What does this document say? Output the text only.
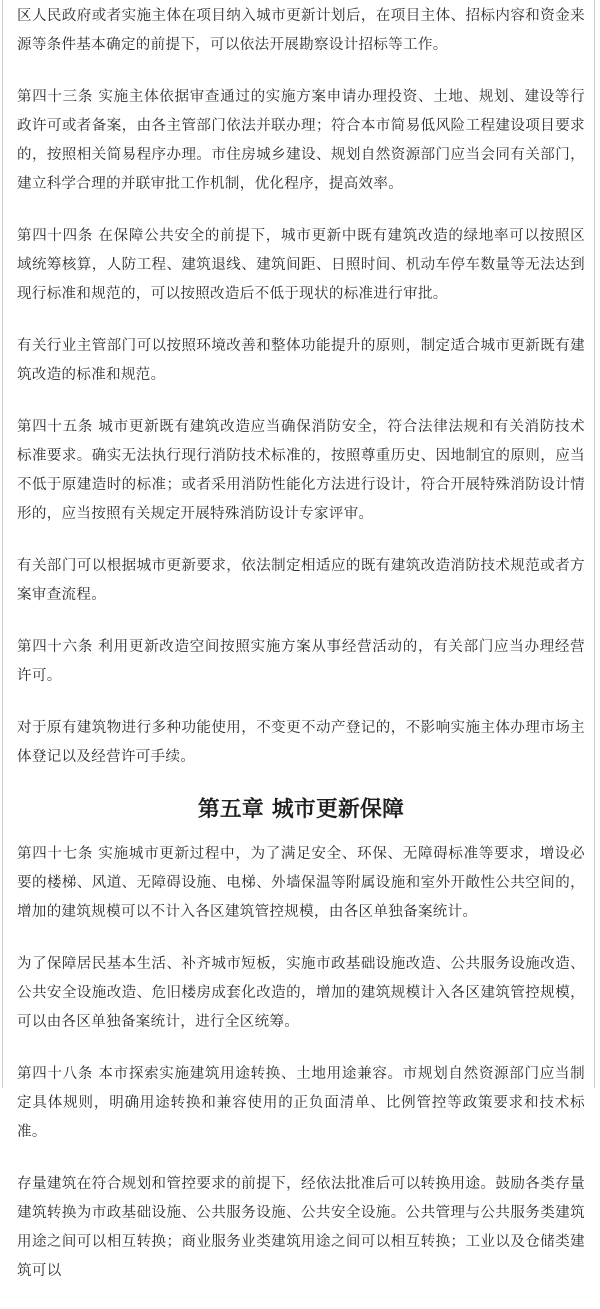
区人民政府或者实施主体在项目纳入城市更新计划后，在项目主体、招标内容和资金来源等条件基本确定的前提下，可以依法开展勘察设计招标等工作。

第四十三条 实施主体依据审查通过的实施方案申请办理投资、土地、规划、建设等行政许可或者备案，由各主管部门依法并联办理；符合本市简易低风险工程建设项目要求的，按照相关简易程序办理。市住房城乡建设、规划自然资源部门应当会同有关部门，建立科学合理的并联审批工作机制，优化程序，提高效率。

第四十四条 在保障公共安全的前提下，城市更新中既有建筑改造的绿地率可以按照区域统筹核算，人防工程、建筑退线、建筑间距、日照时间、机动车停车数量等无法达到现行标准和规范的，可以按照改造后不低于现状的标准进行审批。

有关行业主管部门可以按照环境改善和整体功能提升的原则，制定适合城市更新既有建筑改造的标准和规范。

第四十五条 城市更新既有建筑改造应当确保消防安全，符合法律法规和有关消防技术标准要求。确实无法执行现行消防技术标准的，按照尊重历史、因地制宜的原则，应当不低于原建造时的标准；或者采用消防性能化方法进行设计，符合开展特殊消防设计情形的，应当按照有关规定开展特殊消防设计专家评审。

有关部门可以根据城市更新要求，依法制定相适应的既有建筑改造消防技术规范或者方案审查流程。

第四十六条 利用更新改造空间按照实施方案从事经营活动的，有关部门应当办理经营许可。

对于原有建筑物进行多种功能使用，不变更不动产登记的，不影响实施主体办理市场主体登记以及经营许可手续。

第五章 城市更新保障

第四十七条 实施城市更新过程中，为了满足安全、环保、无障碍标准等要求，增设必要的楼梯、风道、无障碍设施、电梯、外墙保温等附属设施和室外开敞性公共空间的，增加的建筑规模可以不计入各区建筑管控规模，由各区单独备案统计。

为了保障居民基本生活、补齐城市短板，实施市政基础设施改造、公共服务设施改造、公共安全设施改造、危旧楼房成套化改造的，增加的建筑规模计入各区建筑管控规模，可以由各区单独备案统计，进行全区统筹。

第四十八条 本市探索实施建筑用途转换、土地用途兼容。市规划自然资源部门应当制定具体规则，明确用途转换和兼容使用的正负面清单、比例管控等政策要求和技术标准。

存量建筑在符合规划和管控要求的前提下，经依法批准后可以转换用途。鼓励各类存量建筑转换为市政基础设施、公共服务设施、公共安全设施。公共管理与公共服务类建筑用途之间可以相互转换；商业服务业类建筑用途之间可以相互转换；工业以及仓储类建筑可以
